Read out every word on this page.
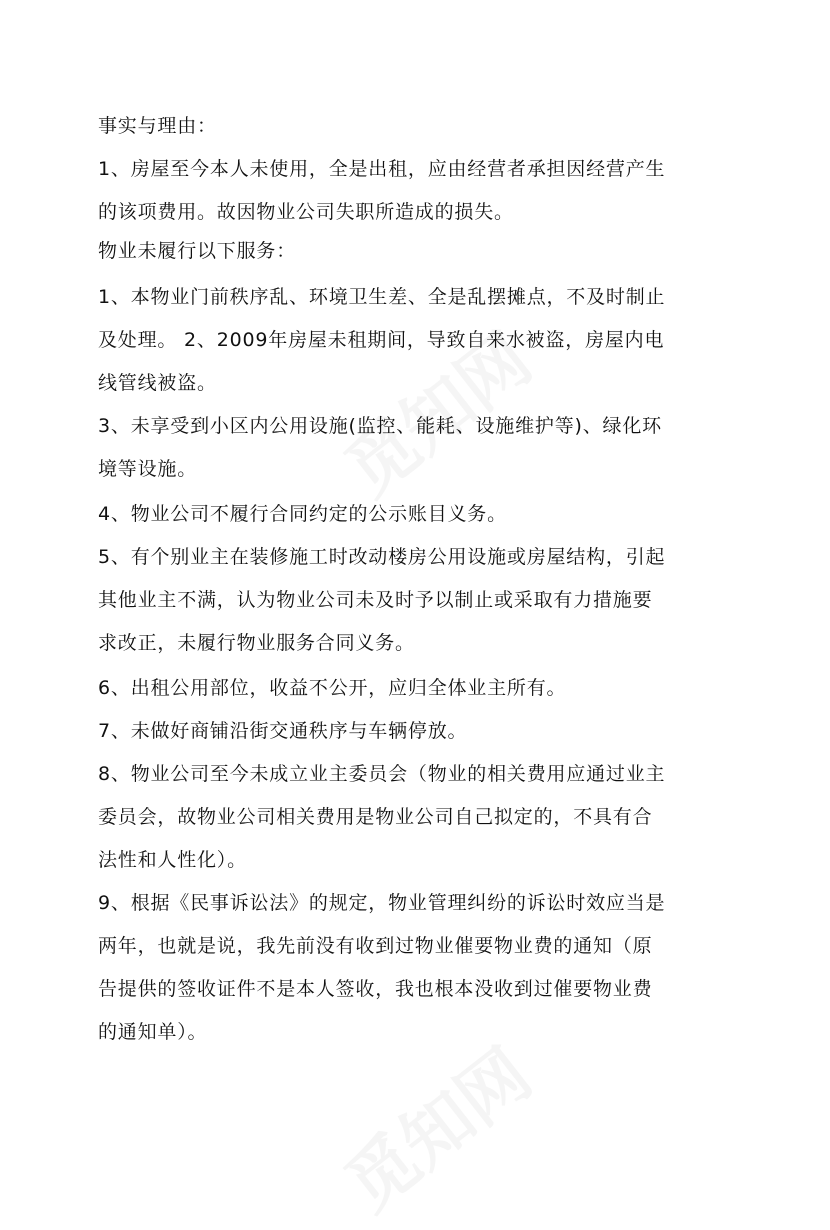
事实与理由：
1、房屋至今本人未使用，全是出租，应由经营者承担因经营产生
的该项费用。故因物业公司失职所造成的损失。
物业未履行以下服务：
1、本物业门前秩序乱、环境卫生差、全是乱摆摊点，不及时制止
及处理。 2、2009年房屋未租期间，导致自来水被盗，房屋内电
线管线被盗。
3、未享受到小区内公用设施(监控、能耗、设施维护等)、绿化环
境等设施。
4、物业公司不履行合同约定的公示账目义务。
5、有个别业主在装修施工时改动楼房公用设施或房屋结构，引起
其他业主不满，认为物业公司未及时予以制止或采取有力措施要
求改正，未履行物业服务合同义务。
6、出租公用部位，收益不公开，应归全体业主所有。
7、未做好商铺沿街交通秩序与车辆停放。
8、物业公司至今未成立业主委员会（物业的相关费用应通过业主
委员会，故物业公司相关费用是物业公司自己拟定的，不具有合
法性和人性化）。
9、根据《民事诉讼法》的规定，物业管理纠纷的诉讼时效应当是
两年，也就是说，我先前没有收到过物业催要物业费的通知（原
告提供的签收证件不是本人签收，我也根本没收到过催要物业费
的通知单）。
